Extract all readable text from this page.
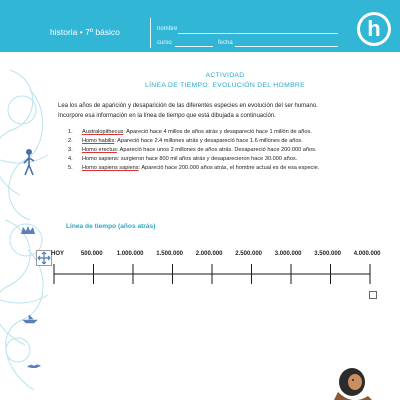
historia • 7º básico	nombre
curso	fecha
h
ACTIVIDAD
LÍNEA DE TIEMPO: EVOLUCIÓN DEL HOMBRE
Lea los años de aparición y desaparición de las diferentes especies en evolución del ser humano.
Incorpore esa información en la línea de tiempo que está dibujada a continuación.
1.	Australopithecus: Apareció hace 4 millos de años atrás y desapareció hace 1 millón de años.
2.	Homo habilis: Apareció hace 2.4 millones atrás y desapareció hace 1.6 millones de años.
3.	Homo erectus: Apareció hace unos 2 millones de años atrás. Desapareció hace 200.000 años.
4.	Homo sapiens: surgieron hace 800 mil años atrás y desaparecieron hace 30.000 años.
5.	Homo sapiens sapiens: Apareció hace 200.000 años atrás, el hombre actual es de esa especie.
Línea de tiempo (años atrás)
HOY	500.000 1.000.000 1.500.000 2.000.000 2.500.000 3.000.000 3.500.000 4.000.000
